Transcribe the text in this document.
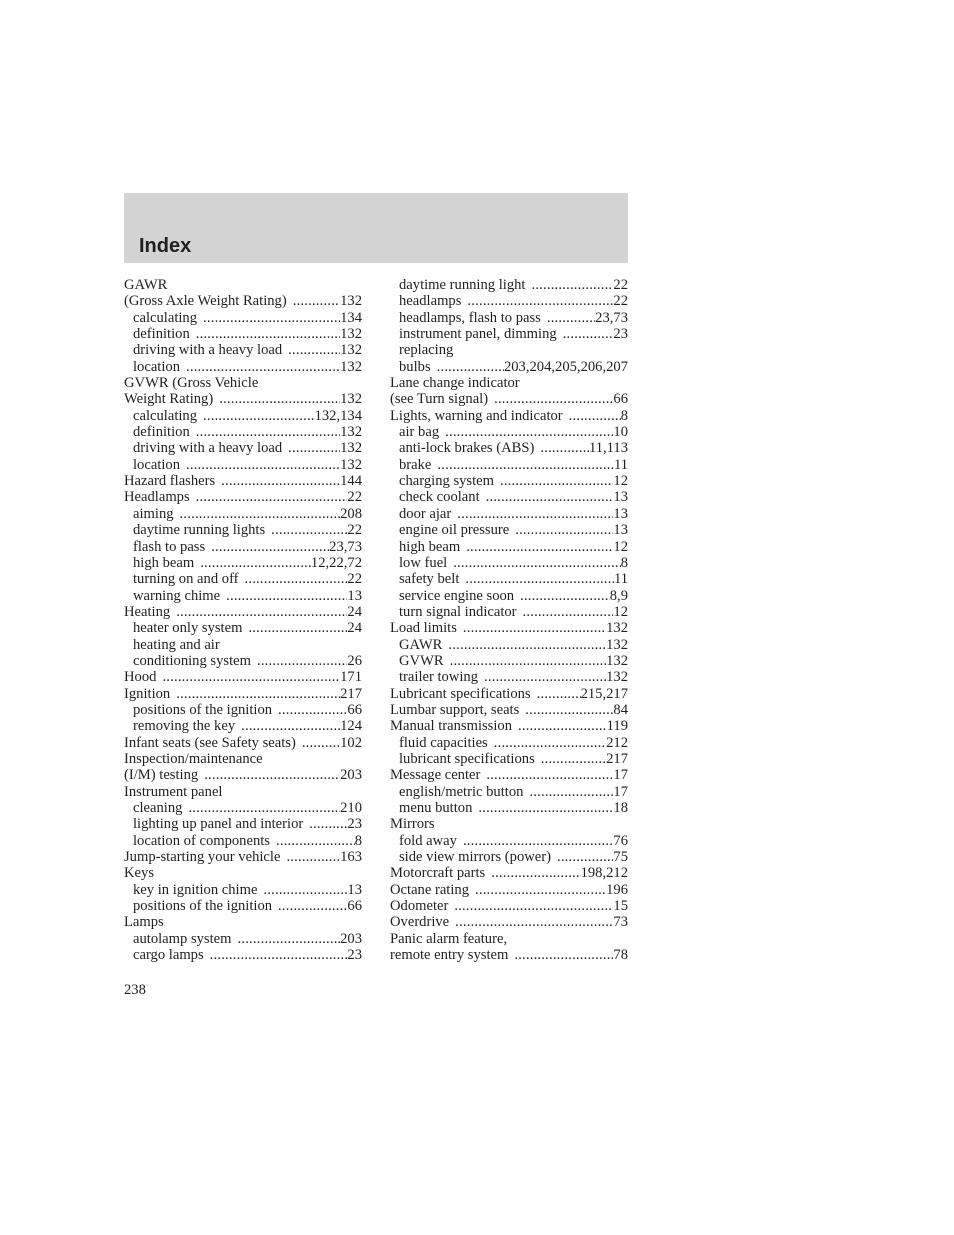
Index
GAWR
(Gross Axle Weight Rating) .....	132
calculating .....	134
definition .....	132
driving with a heavy load .....	132
location .....	132
GVWR (Gross Vehicle
Weight Rating) .....	132
calculating .....	132,134
definition .....	132
driving with a heavy load .....	132
location .....	132
Hazard flashers .....	144
Headlamps .....	22
aiming .....	208
daytime running lights .....	22
flash to pass .....	23,73
high beam .....	12,22,72
turning on and off .....	22
warning chime .....	13
Heating .....	24
heater only system .....	24
heating and air
conditioning system .....	26
Hood .....	171
Ignition .....	217
positions of the ignition .....	66
removing the key .....	124
Infant seats (see Safety seats) .....	102
Inspection/maintenance
(I/M) testing .....	203
Instrument panel
cleaning .....	210
lighting up panel and interior .....	23
location of components .....	8
Jump-starting your vehicle .....	163
Keys
key in ignition chime .....	13
positions of the ignition .....	66
Lamps
autolamp system .....	203
cargo lamps .....	23
daytime running light .....	22
headlamps .....	22
headlamps, flash to pass .....	23,73
instrument panel, dimming .....	23
replacing
bulbs .....	203,204,205,206,207
Lane change indicator
(see Turn signal) .....	66
Lights, warning and indicator .....	8
air bag .....	10
anti-lock brakes (ABS) .....	11,113
brake .....	11
charging system .....	12
check coolant .....	13
door ajar .....	13
engine oil pressure .....	13
high beam .....	12
low fuel .....	8
safety belt .....	11
service engine soon .....	8,9
turn signal indicator .....	12
Load limits .....	132
GAWR .....	132
GVWR .....	132
trailer towing .....	132
Lubricant specifications .....	215,217
Lumbar support, seats .....	84
Manual transmission .....	119
fluid capacities .....	212
lubricant specifications .....	217
Message center .....	17
english/metric button .....	17
menu button .....	18
Mirrors
fold away .....	76
side view mirrors (power) .....	75
Motorcraft parts .....	198,212
Octane rating .....	196
Odometer .....	15
Overdrive .....	73
Panic alarm feature,
remote entry system .....	78
238
